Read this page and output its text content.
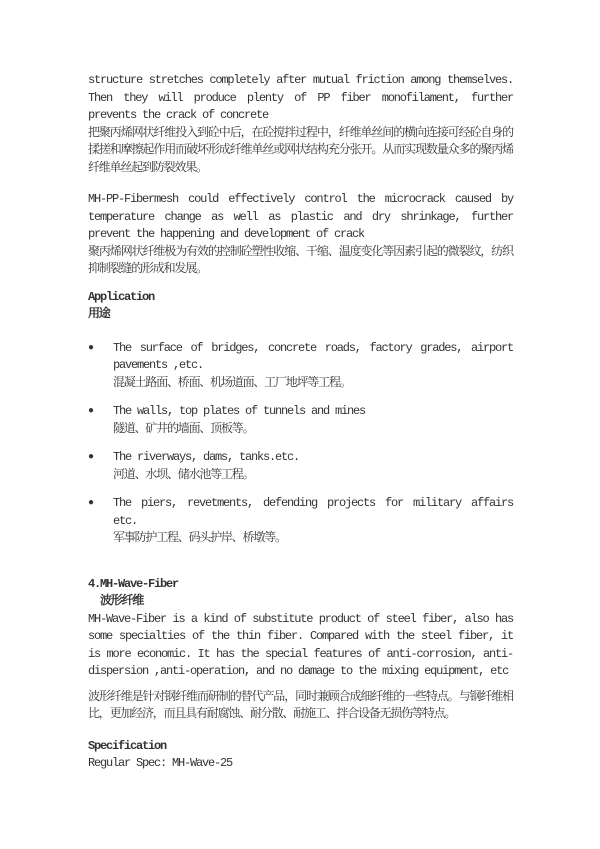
structure stretches completely after mutual friction among themselves. Then they will produce plenty of PP fiber monofilament, further prevents the crack of concrete
把聚丙烯网状纤维投入到砼中后，在砼搅拌过程中，纤维单丝间的横向连接可经砼自身的揉搓和摩擦起作用而破坏形成纤维单丝或网状结构充分张开。从而实现数量众多的聚丙烯纤维单丝起到防裂效果。
MH-PP-Fibermesh could effectively control the microcrack caused by temperature change as well as plastic and dry shrinkage, further prevent the happening and development of crack
聚丙烯网状纤维极为有效的控制砼塑性收缩、干缩、温度变化等因素引起的微裂纹，纺织抑制裂缝的形成和发展。
Application
用途
●	The surface of bridges, concrete roads, factory grades, airport pavements ,etc.
混凝土路面、桥面、机场道面、工厂地坪等工程。
●	The walls, top plates of tunnels and mines
隧道、矿井的墙面、顶板等。
●	The riverways, dams, tanks.etc.
河道、水坝、储水池等工程。
●	The piers, revetments, defending projects for military affairs etc.
军事防护工程、码头护岸、桥墩等。
4.MH-Wave-Fiber
波形纤维
MH-Wave-Fiber is a kind of substitute product of steel fiber, also has some specialties of the thin fiber. Compared with the steel fiber, it is more economic. It has the special features of anti-corrosion, anti-dispersion ,anti-operation, and no damage to the mixing equipment, etc
波形纤维是针对钢纤维而研制的替代产品，同时兼顾合成细纤维的一些特点。与钢纤维相比，更加经济，而且具有耐腐蚀、耐分散、耐施工、拌合设备无损伤等特点。
Specification
Regular Spec: MH-Wave-25
